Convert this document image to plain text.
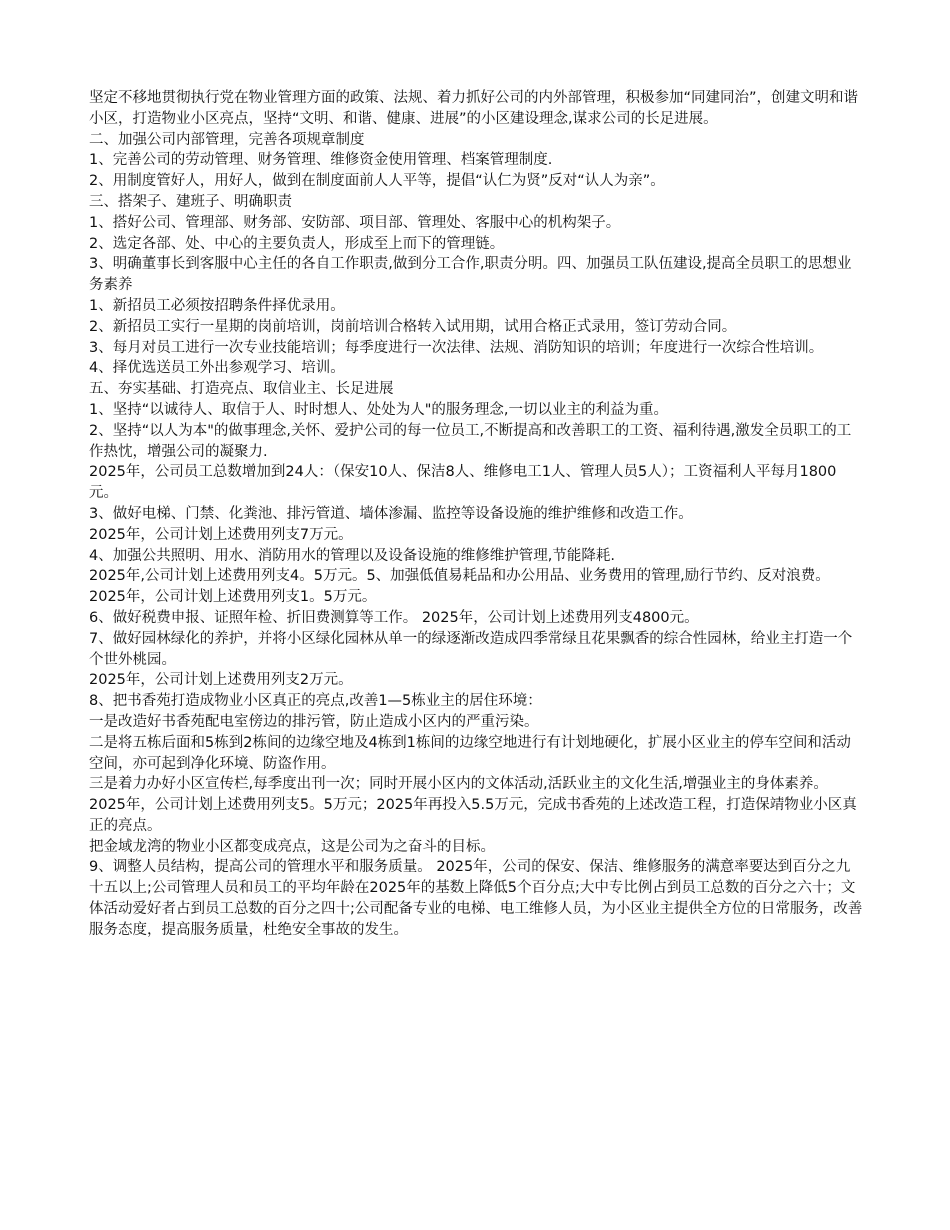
坚定不移地贯彻执行党在物业管理方面的政策、法规、着力抓好公司的内外部管理，积极参加“同建同治”，创建文明和谐小区，打造物业小区亮点，坚持“文明、和谐、健康、进展”的小区建设理念,谋求公司的长足进展。

二、加强公司内部管理，完善各项规章制度

1、完善公司的劳动管理、财务管理、维修资金使用管理、档案管理制度.

2、用制度管好人，用好人，做到在制度面前人人平等，提倡“认仁为贤”反对“认人为亲”。

三、搭架子、建班子、明确职责

1、搭好公司、管理部、财务部、安防部、项目部、管理处、客服中心的机构架子。

2、选定各部、处、中心的主要负责人，形成至上而下的管理链。

3、明确董事长到客服中心主任的各自工作职责,做到分工合作,职责分明。四、加强员工队伍建设,提高全员职工的思想业务素养

1、新招员工必须按招聘条件择优录用。

2、新招员工实行一星期的岗前培训，岗前培训合格转入试用期，试用合格正式录用，签订劳动合同。

3、每月对员工进行一次专业技能培训；每季度进行一次法律、法规、消防知识的培训；年度进行一次综合性培训。

4、择优选送员工外出参观学习、培训。

五、夯实基础、打造亮点、取信业主、长足进展

1、坚持“以诚待人、取信于人、时时想人、处处为人"的服务理念,一切以业主的利益为重。

2、坚持“以人为本"的做事理念,关怀、爱护公司的每一位员工,不断提高和改善职工的工资、福利待遇,激发全员职工的工作热忱，增强公司的凝聚力.

2025年，公司员工总数增加到24人：（保安10人、保洁8人、维修电工1人、管理人员5人）；工资福利人平每月1800元。

3、做好电梯、门禁、化粪池、排污管道、墙体渗漏、监控等设备设施的维护维修和改造工作。

2025年，公司计划上述费用列支7万元。

4、加强公共照明、用水、消防用水的管理以及设备设施的维修维护管理,节能降耗.

2025年,公司计划上述费用列支4。5万元。5、加强低值易耗品和办公用品、业务费用的管理,励行节约、反对浪费。

2025年，公司计划上述费用列支1。5万元。

6、做好税费申报、证照年检、折旧费测算等工作。 2025年，公司计划上述费用列支4800元。

7、做好园林绿化的养护，并将小区绿化园林从单一的绿逐渐改造成四季常绿且花果飘香的综合性园林，给业主打造一个个世外桃园。

2025年，公司计划上述费用列支2万元。

8、把书香苑打造成物业小区真正的亮点,改善1—5栋业主的居住环境：

一是改造好书香苑配电室傍边的排污管，防止造成小区内的严重污染。

二是将五栋后面和5栋到2栋间的边缘空地及4栋到1栋间的边缘空地进行有计划地硬化，扩展小区业主的停车空间和活动空间，亦可起到净化环境、防盗作用。

三是着力办好小区宣传栏,每季度出刊一次；同时开展小区内的文体活动,活跃业主的文化生活,增强业主的身体素养。

2025年，公司计划上述费用列支5。5万元；2025年再投入5.5万元，完成书香苑的上述改造工程，打造保靖物业小区真正的亮点。

把金域龙湾的物业小区都变成亮点，这是公司为之奋斗的目标。

9、调整人员结构，提高公司的管理水平和服务质量。 2025年，公司的保安、保洁、维修服务的满意率要达到百分之九十五以上;公司管理人员和员工的平均年龄在2025年的基数上降低5个百分点;大中专比例占到员工总数的百分之六十；文体活动爱好者占到员工总数的百分之四十;公司配备专业的电梯、电工维修人员，为小区业主提供全方位的日常服务，改善服务态度，提高服务质量，杜绝安全事故的发生。
